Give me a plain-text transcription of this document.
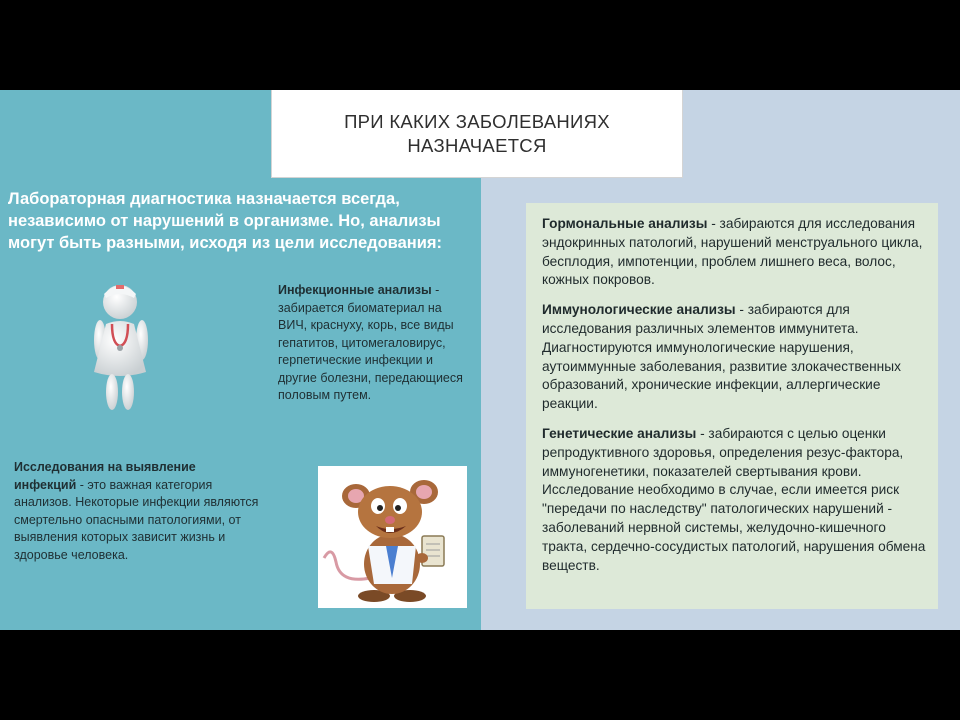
ПРИ КАКИХ ЗАБОЛЕВАНИЯХ
НАЗНАЧАЕТСЯ

Лабораторная диагностика назначается всегда, независимо от нарушений в организме. Но, анализы могут быть разными, исходя из цели исследования:

Инфекционные анализы - забирается биоматериал на ВИЧ, краснуху, корь, все виды гепатитов, цитомегаловирус, герпетические инфекции и другие болезни, передающиеся половым путем.

Исследования на выявление инфекций - это важная категория анализов. Некоторые инфекции являются смертельно опасными патологиями, от выявления которых зависит жизнь и здоровье человека.

Гормональные анализы - забираются для исследования эндокринных патологий, нарушений менструального цикла, бесплодия, импотенции, проблем лишнего веса, волос, кожных покровов.

Иммунологические анализы - забираются для исследования различных элементов иммунитета. Диагностируются иммунологические нарушения, аутоиммунные заболевания, развитие злокачественных образований, хронические инфекции, аллергические реакции.

Генетические анализы - забираются с целью оценки репродуктивного здоровья, определения резус-фактора, иммуногенетики, показателей свертывания крови. Исследование необходимо в случае, если имеется риск "передачи по наследству" патологических нарушений - заболеваний нервной системы, желудочно-кишечного тракта, сердечно-сосудистых патологий, нарушения обмена веществ.
